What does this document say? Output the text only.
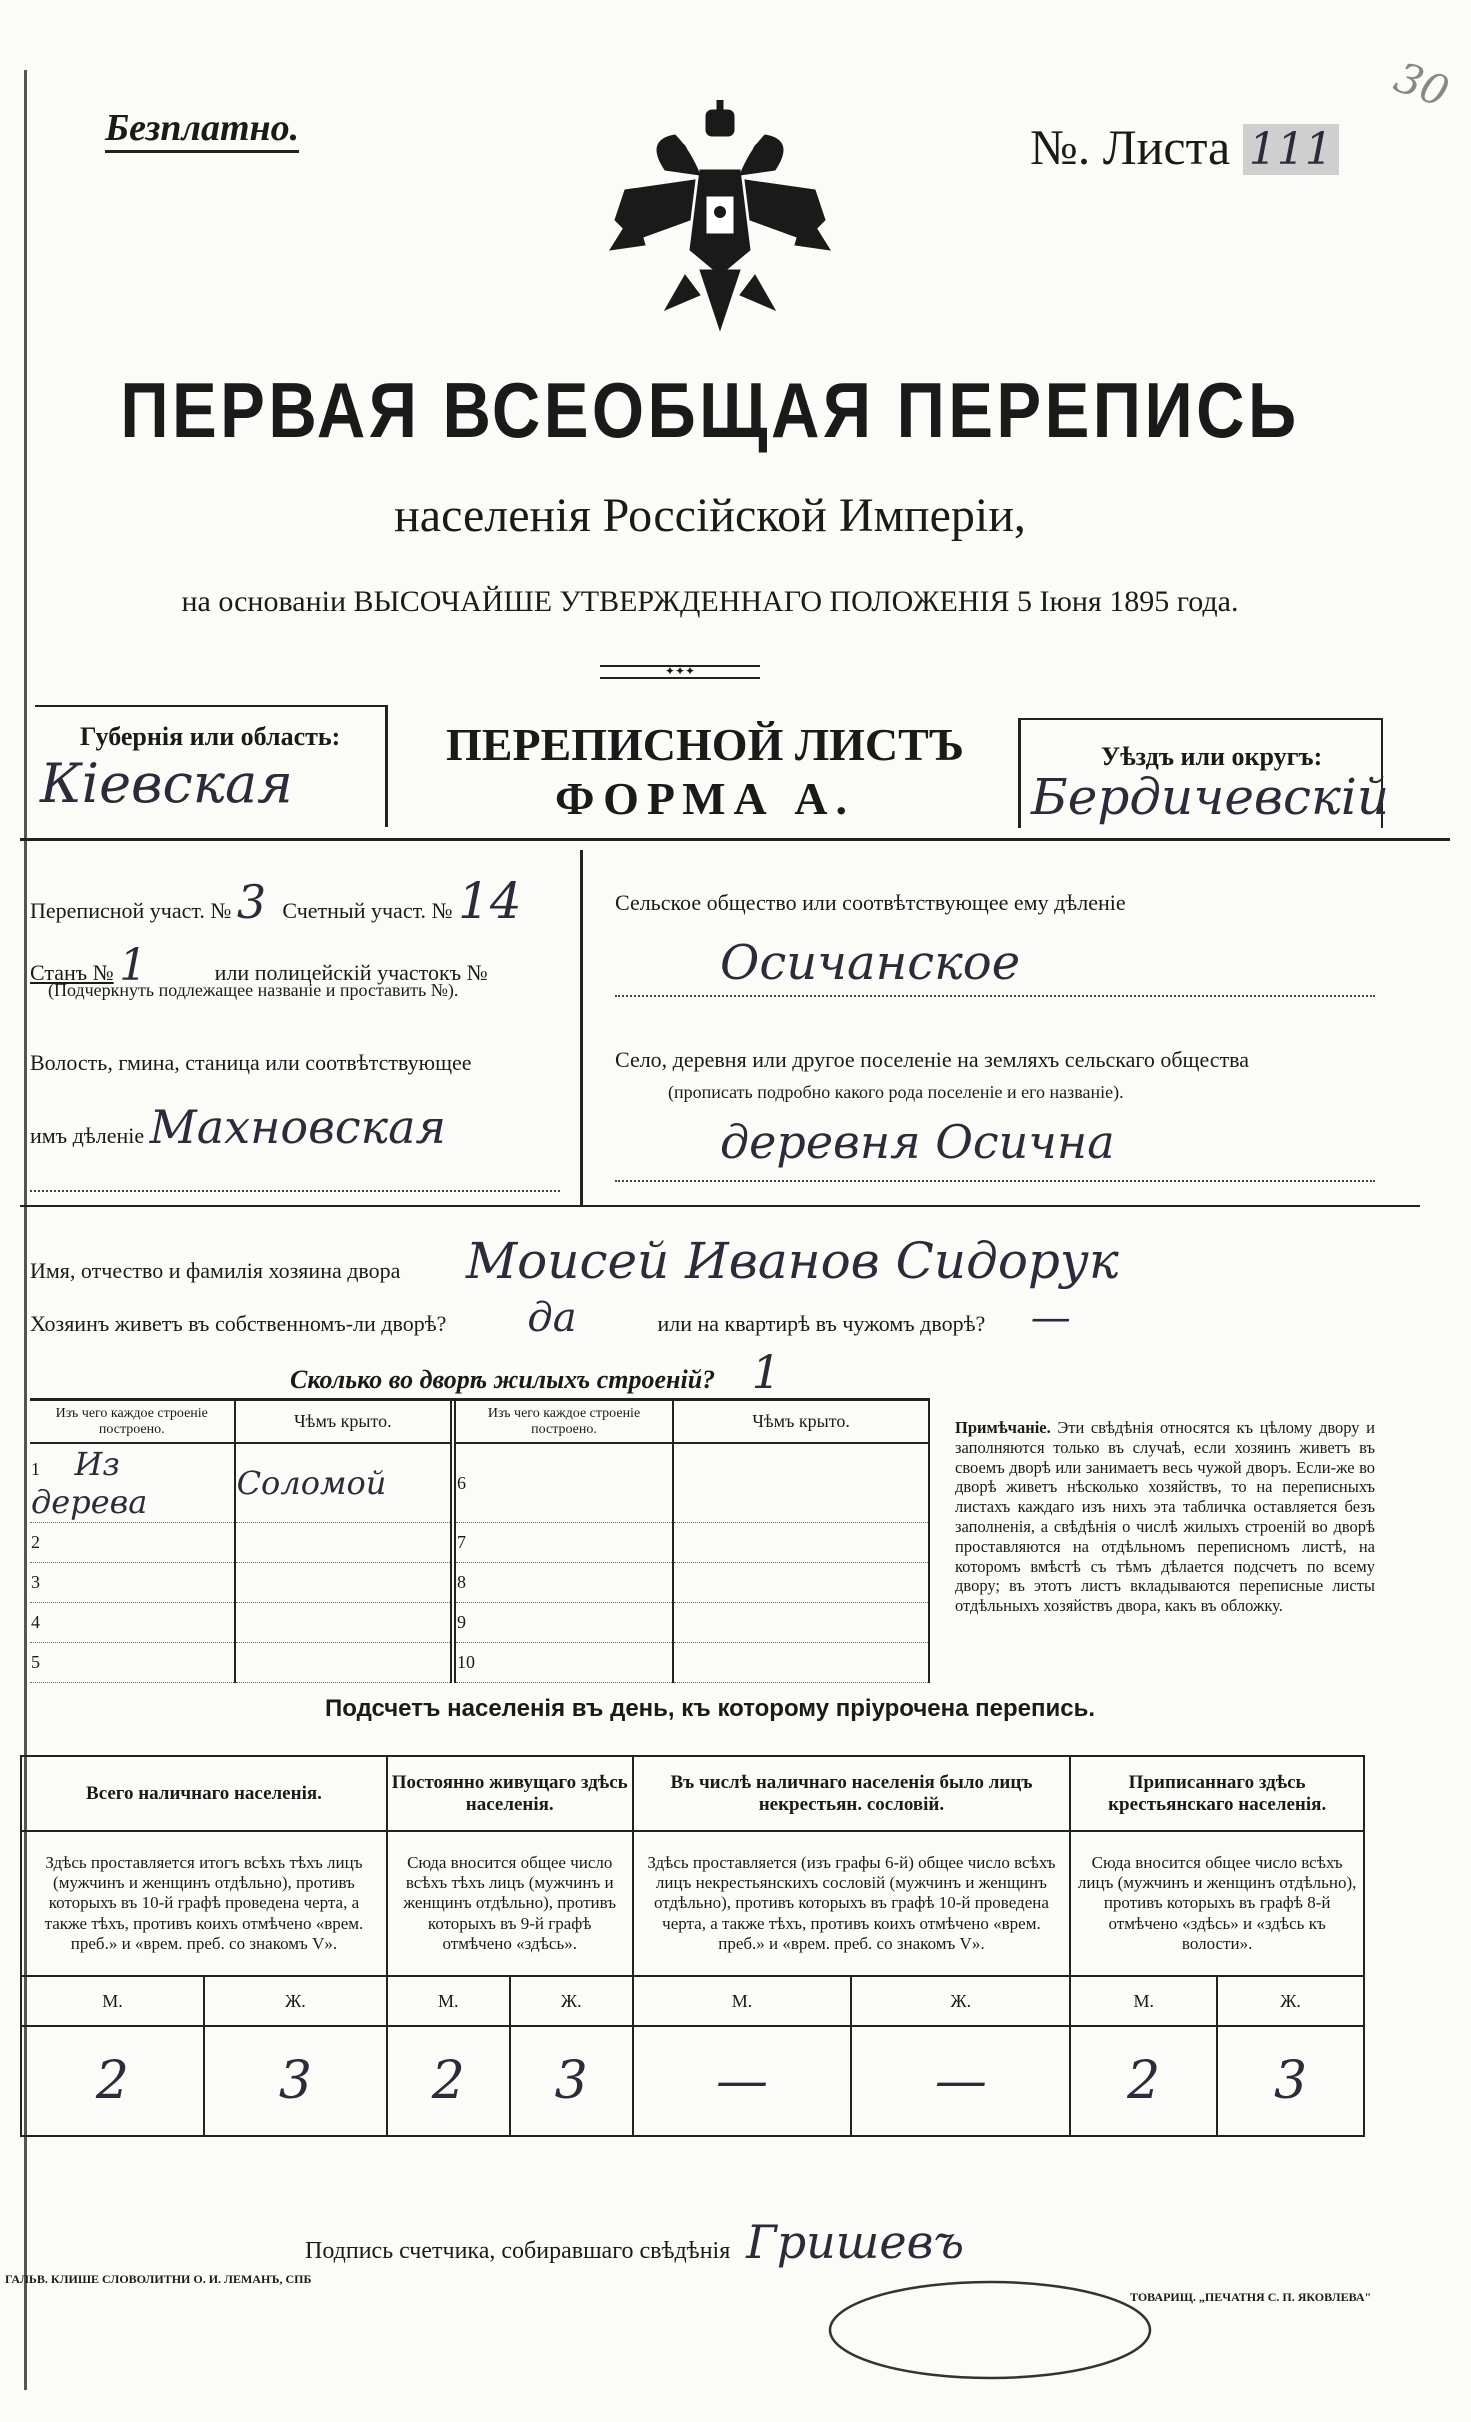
Безплатно.	№. Листа 111
30
ПЕРВАЯ ВСЕОБЩАЯ ПЕРЕПИСЬ
населенія Россійской Имперіи,
на основаніи ВЫСОЧАЙШЕ УТВЕРЖДЕННАГО ПОЛОЖЕНІЯ 5 Іюня 1895 года.
✦✦✦
Губернія или область:
Кіевская
ПЕРЕПИСНОЙ ЛИСТЪ
ФОРМА А.
Уѣздъ или округъ:
Бердичевскій
Переписной участ. № 3 Счетный участ. № 14
Станъ № 1	или полицейскій участокъ №
(Подчеркнуть подлежащее названіе и проставить №).
Волость, гмина, станица или соотвѣтствующее
имъ дѣленіе Махновская
Сельское общество или соотвѣтствующее ему дѣленіе
Осичанское
Село, деревня или другое поселеніе на земляхъ сельскаго общества
(прописать подробно какого рода поселеніе и его названіе).
деревня Осична
Имя, отчество и фамилія хозяина двора Моисей Иванов Сидорук
Хозяинъ живетъ въ собственномъ-ли дворѣ? да	или на квартирѣ въ чужомъ дворѣ? —
Сколько во дворѣ жилыхъ строеній? 1
Изъ чего каждое строеніе построено.	Чѣмъ крыто.	Изъ чего каждое строеніе построено.	Чѣмъ крыто.
1 Из дерева	Соломой	6	
2		7	
3		8	
4		9	
5		10	
Примѣчаніе. Эти свѣдѣнія относятся къ цѣлому двору и заполняются только въ случаѣ, если хозяинъ живетъ въ своемъ дворѣ или занимаетъ весь чужой дворъ. Если-же во дворѣ живетъ нѣсколько хозяйствъ, то на переписныхъ листахъ каждаго изъ нихъ эта табличка оставляется безъ заполненія, а свѣдѣнія о числѣ жилыхъ строеній во дворѣ проставляются на отдѣльномъ переписномъ листѣ, на которомъ вмѣстѣ съ тѣмъ дѣлается подсчетъ по всему двору; въ этотъ листъ вкладываются переписные листы отдѣльныхъ хозяйствъ двора, какъ въ обложку.
Подсчетъ населенія въ день, къ которому пріурочена перепись.
Всего наличнаго населенія.		Постоянно живущаго здѣсь населенія.		Въ числѣ наличнаго населенія было лицъ некрестьян. сословій.		Приписаннаго здѣсь крестьянскаго населенія.	
Здѣсь проставляется итогъ всѣхъ тѣхъ лицъ (мужчинъ и женщинъ отдѣльно), противъ которыхъ въ 10-й графѣ проведена черта, а также тѣхъ, противъ коихъ отмѣчено «врем. преб.» и «врем. преб. со знакомъ V».		Сюда вносится общее число всѣхъ тѣхъ лицъ (мужчинъ и женщинъ отдѣльно), противъ которыхъ въ 9-й графѣ отмѣчено «здѣсь».		Здѣсь проставляется (изъ графы 6-й) общее число всѣхъ лицъ некрестьянскихъ сословій (мужчинъ и женщинъ отдѣльно), противъ которыхъ въ графѣ 10-й проведена черта, а также тѣхъ, противъ коихъ отмѣчено «врем. преб.» и «врем. преб. со знакомъ V».		Сюда вносится общее число всѣхъ лицъ (мужчинъ и женщинъ отдѣльно), противъ которыхъ въ графѣ 8-й отмѣчено «здѣсь» и «здѣсь къ волости».	
М.	Ж.	М.	Ж.	М.	Ж.	М.	Ж.
2	3	2	3	—	—	2	3
Подпись счетчика, собиравшаго свѣдѣнія Гришевъ
ГАЛЬВ. КЛИШЕ СЛОВОЛИТНИ О. И. ЛЕМАНЪ, СПБ
ТОВАРИЩ. „ПЕЧАТНЯ С. П. ЯКОВЛЕВА"
